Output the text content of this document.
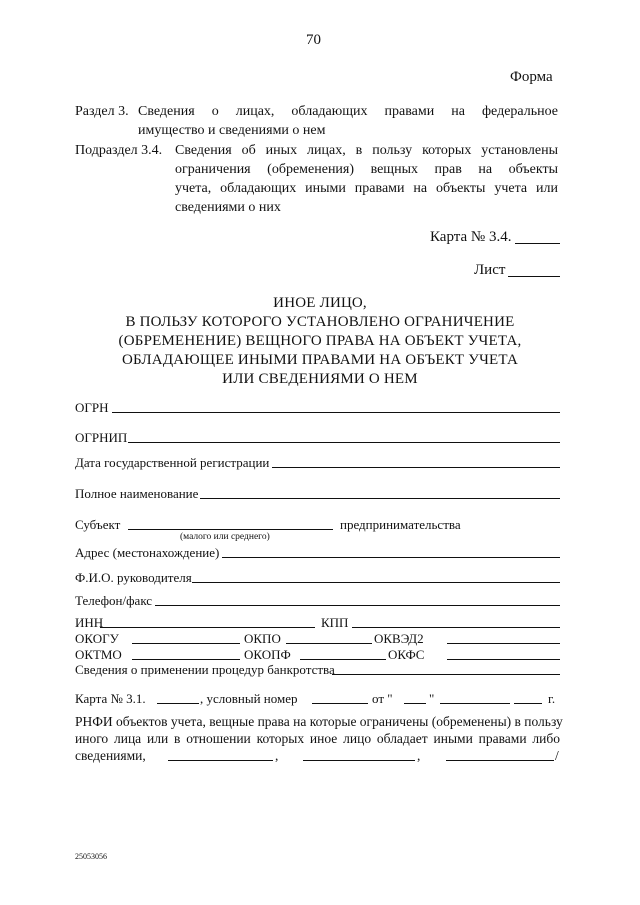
70
Форма
Раздел 3. Сведения о лицах, обладающих правами на федеральное
имущество и сведениями о нем
Подраздел 3.4. Сведения об иных лицах, в пользу которых установлены
ограничения (обременения) вещных прав на объекты
учета, обладающих иными правами на объекты учета или
сведениями о них
Карта № 3.4.
Лист
ИНОЕ ЛИЦО,
В ПОЛЬЗУ КОТОРОГО УСТАНОВЛЕНО ОГРАНИЧЕНИЕ
(ОБРЕМЕНЕНИЕ) ВЕЩНОГО ПРАВА НА ОБЪЕКТ УЧЕТА,
ОБЛАДАЮЩЕЕ ИНЫМИ ПРАВАМИ НА ОБЪЕКТ УЧЕТА
ИЛИ СВЕДЕНИЯМИ О НЕМ
ОГРН
ОГРНИП
Дата государственной регистрации
Полное наименование
Субъект
(малого или среднего)
предпринимательства
Адрес (местонахождение)
Ф.И.О. руководителя
Телефон/факс
ИНН	КПП
ОКОГУ	ОКПО	ОКВЭД2
ОКТМО	ОКОПФ	ОКФС
Сведения о применении процедур банкротства
Карта № 3.1.	, условный номер	от "	"	г.
РНФИ объектов учета, вещные права на которые ограничены (обременены) в пользу
иного лица или в отношении которых иное лицо обладает иными правами либо
сведениями,	,	,	/
25053056
